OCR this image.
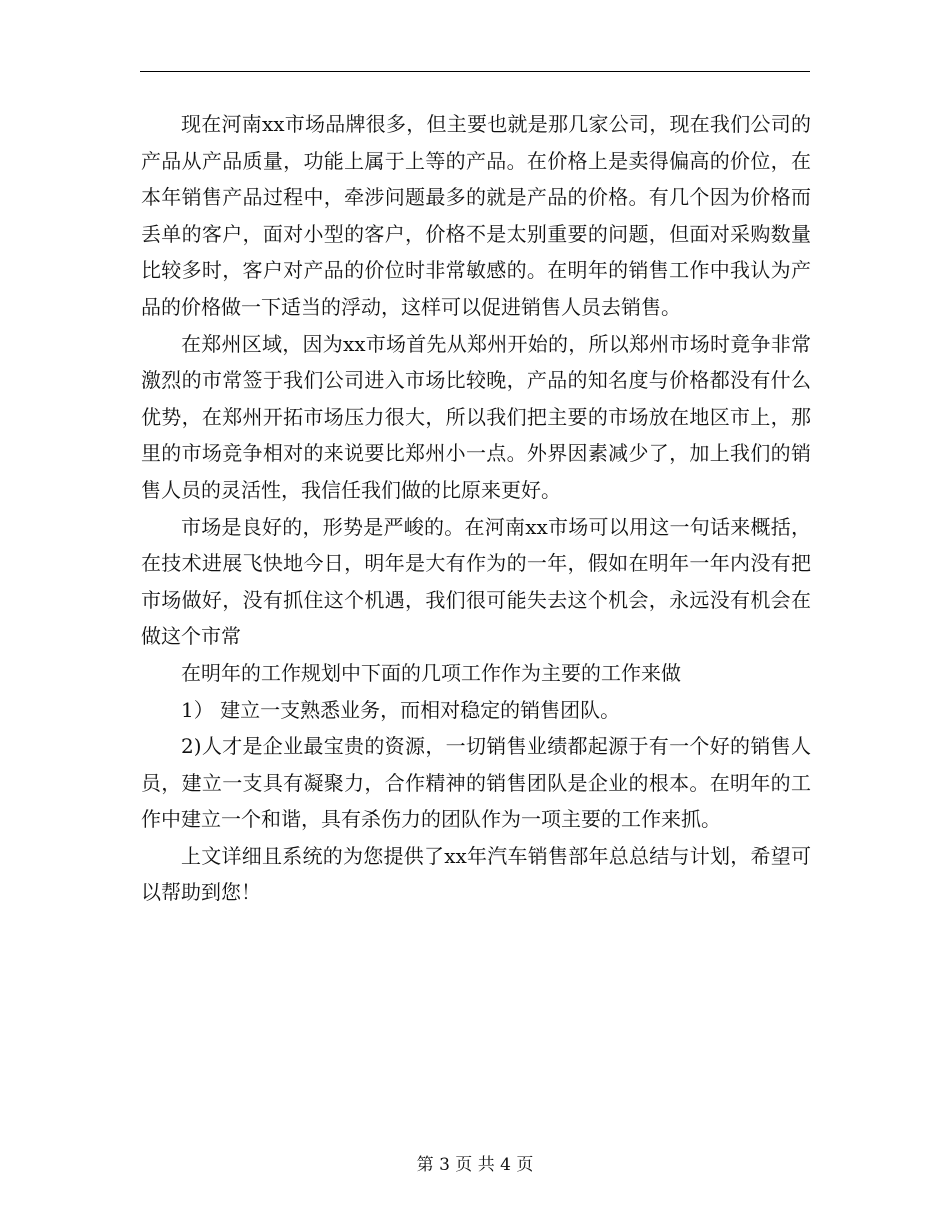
现在河南xx市场品牌很多，但主要也就是那几家公司，现在我们公司的产品从产品质量，功能上属于上等的产品。在价格上是卖得偏高的价位，在本年销售产品过程中，牵涉问题最多的就是产品的价格。有几个因为价格而丢单的客户，面对小型的客户，价格不是太别重要的问题，但面对采购数量比较多时，客户对产品的价位时非常敏感的。在明年的销售工作中我认为产品的价格做一下适当的浮动，这样可以促进销售人员去销售。

在郑州区域，因为xx市场首先从郑州开始的，所以郑州市场时竟争非常激烈的市常签于我们公司进入市场比较晚，产品的知名度与价格都没有什么优势，在郑州开拓市场压力很大，所以我们把主要的市场放在地区市上，那里的市场竞争相对的来说要比郑州小一点。外界因素减少了，加上我们的销售人员的灵活性，我信任我们做的比原来更好。

市场是良好的，形势是严峻的。在河南xx市场可以用这一句话来概括，在技术进展飞快地今日，明年是大有作为的一年，假如在明年一年内没有把市场做好，没有抓住这个机遇，我们很可能失去这个机会，永远没有机会在做这个市常

在明年的工作规划中下面的几项工作作为主要的工作来做

1） 建立一支熟悉业务，而相对稳定的销售团队。

2)人才是企业最宝贵的资源，一切销售业绩都起源于有一个好的销售人员，建立一支具有凝聚力，合作精神的销售团队是企业的根本。在明年的工作中建立一个和谐，具有杀伤力的团队作为一项主要的工作来抓。

上文详细且系统的为您提供了xx年汽车销售部年总总结与计划，希望可以帮助到您！

第 3 页 共 4 页
